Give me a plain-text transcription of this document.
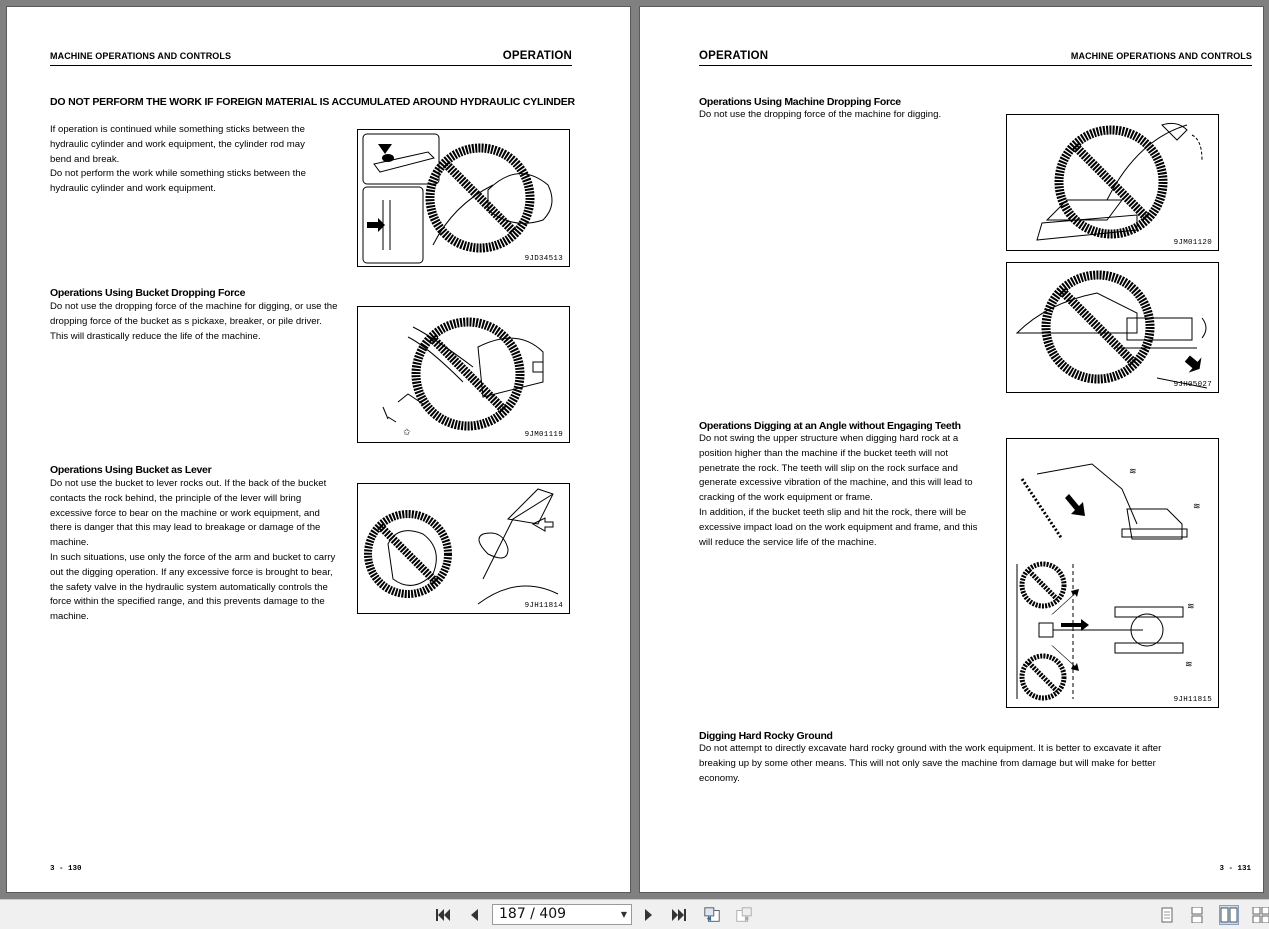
MACHINE OPERATIONS AND CONTROLS	OPERATION
DO NOT PERFORM THE WORK IF FOREIGN MATERIAL IS ACCUMULATED AROUND HYDRAULIC CYLINDER

If operation is continued while something sticks between the

hydraulic cylinder and work equipment, the cylinder rod may

bend and break.

Do not perform the work while something sticks between the

hydraulic cylinder and work equipment.

9JD34513
Operations Using Bucket Dropping Force

Do not use the dropping force of the machine for digging, or use the

dropping force of the bucket as s pickaxe, breaker, or pile driver.

This will drastically reduce the life of the machine.

✩	9JM01119
Operations Using Bucket as Lever

Do not use the bucket to lever rocks out. If the back of the bucket

contacts the rock behind, the principle of the lever will bring

excessive force to bear on the machine or work equipment, and

there is danger that this may lead to breakage or damage of the

machine.

In such situations, use only the force of the arm and bucket to carry

out the digging operation. If any excessive force is brought to bear,

the safety valve in the hydraulic system automatically controls the

force within the specified range, and this prevents damage to the

machine.

9JH11814
3 - 130
OPERATION	MACHINE OPERATIONS AND CONTROLS
Operations Using Machine Dropping Force

Do not use the dropping force of the machine for digging.

9JM01120
9JH05027
Operations Digging at an Angle without Engaging Teeth

Do not swing the upper structure when digging hard rock at a

position higher than the machine if the bucket teeth will not

penetrate the rock. The teeth will slip on the rock surface and

generate excessive vibration of the machine, and this will lead to

cracking of the work equipment or frame.

In addition, if the bucket teeth slip and hit the rock, there will be

excessive impact load on the work equipment and frame, and this

will reduce the service life of the machine.

≋
≋
≋
≋
9JH11815
Digging Hard Rocky Ground

Do not attempt to directly excavate hard rocky ground with the work equipment. It is better to excavate it after

breaking up by some other means. This will not only save the machine from damage but will make for better

economy.

3 - 131
187 / 409	▼
